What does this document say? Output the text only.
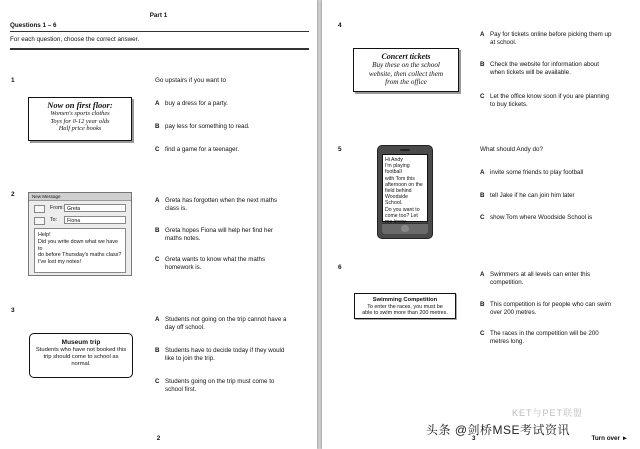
Part 1
Questions 1 – 6
For each question, choose the correct answer.
1	Go upstairs if you want to
Now on first floor:
Women's sports clothes
Toys for 0-12 year olds
Half price books
A buy a dress for a party.
B pay less for something to read.
C find a game for a teenager.
2	New Message
From: Greta
To:	Fiona
Help!
Did you write down what we have to
do before Thursday's maths class?
I've lost my notes!
A Greta has forgotten when the next maths
class is.
B Greta hopes Fiona will help her find her
maths notes.
C Greta wants to know what the maths
homework is.
3
Museum trip
Students who have not booked this
trip should come to school as
normal.
A Students not going on the trip cannot have a
day off school.
B Students have to decide today if they would
like to join the trip.
C Students going on the trip must come to
school first.
2
4
Concert tickets
Buy these on the school
website, then collect them
from the office
A Pay for tickets online before picking them up
at school.
B Check the website for information about
when tickets will be available.
C Let the office know soon if you are planning
to buy tickets.
5	What should Andy do?
Hi Andy
I'm playing football
with Tom this
afternoon on the
field behind
Woodside School.
Do you want to
come too? Let
A invite some friends to play football
B tell Jake if he can join him later
C show Tom where Woodside School is
6
Swimming Competition
To enter the races, you must be
able to swim more than 200 metres.
A Swimmers at all levels can enter this
competition.
B This competition is for people who can swim
over 200 metres.
C The races in the competition will be 200
metres long.
KET与PET联盟
头条 @剑桥MSE考试资讯
3	Turn over ►
